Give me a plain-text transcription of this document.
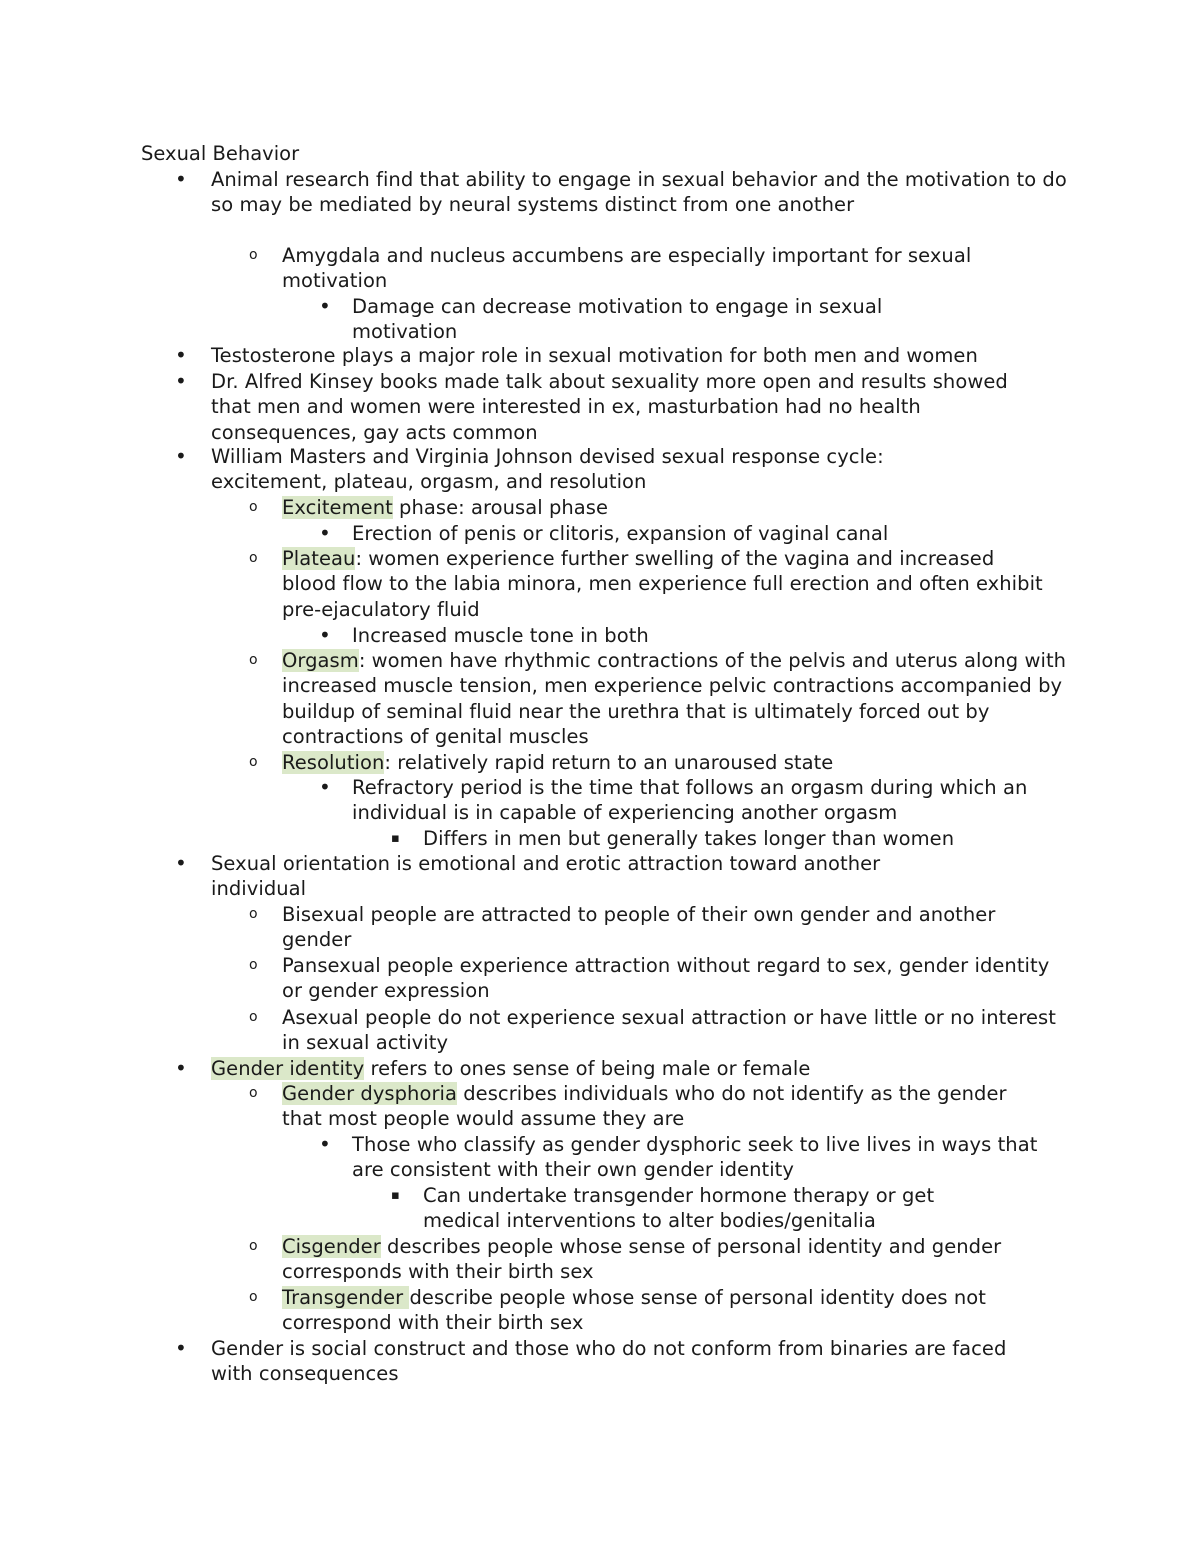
Sexual Behavior
• Animal research find that ability to engage in sexual behavior and the motivation to do so may be mediated by neural systems distinct from one another
o Amygdala and nucleus accumbens are especially important for sexual motivation
• Damage can decrease motivation to engage in sexual motivation
• Testosterone plays a major role in sexual motivation for both men and women
• Dr. Alfred Kinsey books made talk about sexuality more open and results showed that men and women were interested in ex, masturbation had no health consequences, gay acts common
• William Masters and Virginia Johnson devised sexual response cycle: excitement, plateau, orgasm, and resolution
o Excitement phase: arousal phase
• Erection of penis or clitoris, expansion of vaginal canal
o Plateau: women experience further swelling of the vagina and increased blood flow to the labia minora, men experience full erection and often exhibit pre-ejaculatory fluid
• Increased muscle tone in both
o Orgasm: women have rhythmic contractions of the pelvis and uterus along with increased muscle tension, men experience pelvic contractions accompanied by buildup of seminal fluid near the urethra that is ultimately forced out by contractions of genital muscles
o Resolution: relatively rapid return to an unaroused state
• Refractory period is the time that follows an orgasm during which an individual is in capable of experiencing another orgasm
▪ Differs in men but generally takes longer than women
• Sexual orientation is emotional and erotic attraction toward another individual
o Bisexual people are attracted to people of their own gender and another gender
o Pansexual people experience attraction without regard to sex, gender identity or gender expression
o Asexual people do not experience sexual attraction or have little or no interest in sexual activity
• Gender identity refers to ones sense of being male or female
o Gender dysphoria describes individuals who do not identify as the gender that most people would assume they are
• Those who classify as gender dysphoric seek to live lives in ways that are consistent with their own gender identity
▪ Can undertake transgender hormone therapy or get medical interventions to alter bodies/genitalia
o Cisgender describes people whose sense of personal identity and gender corresponds with their birth sex
o Transgender describe people whose sense of personal identity does not correspond with their birth sex
• Gender is social construct and those who do not conform from binaries are faced with consequences
